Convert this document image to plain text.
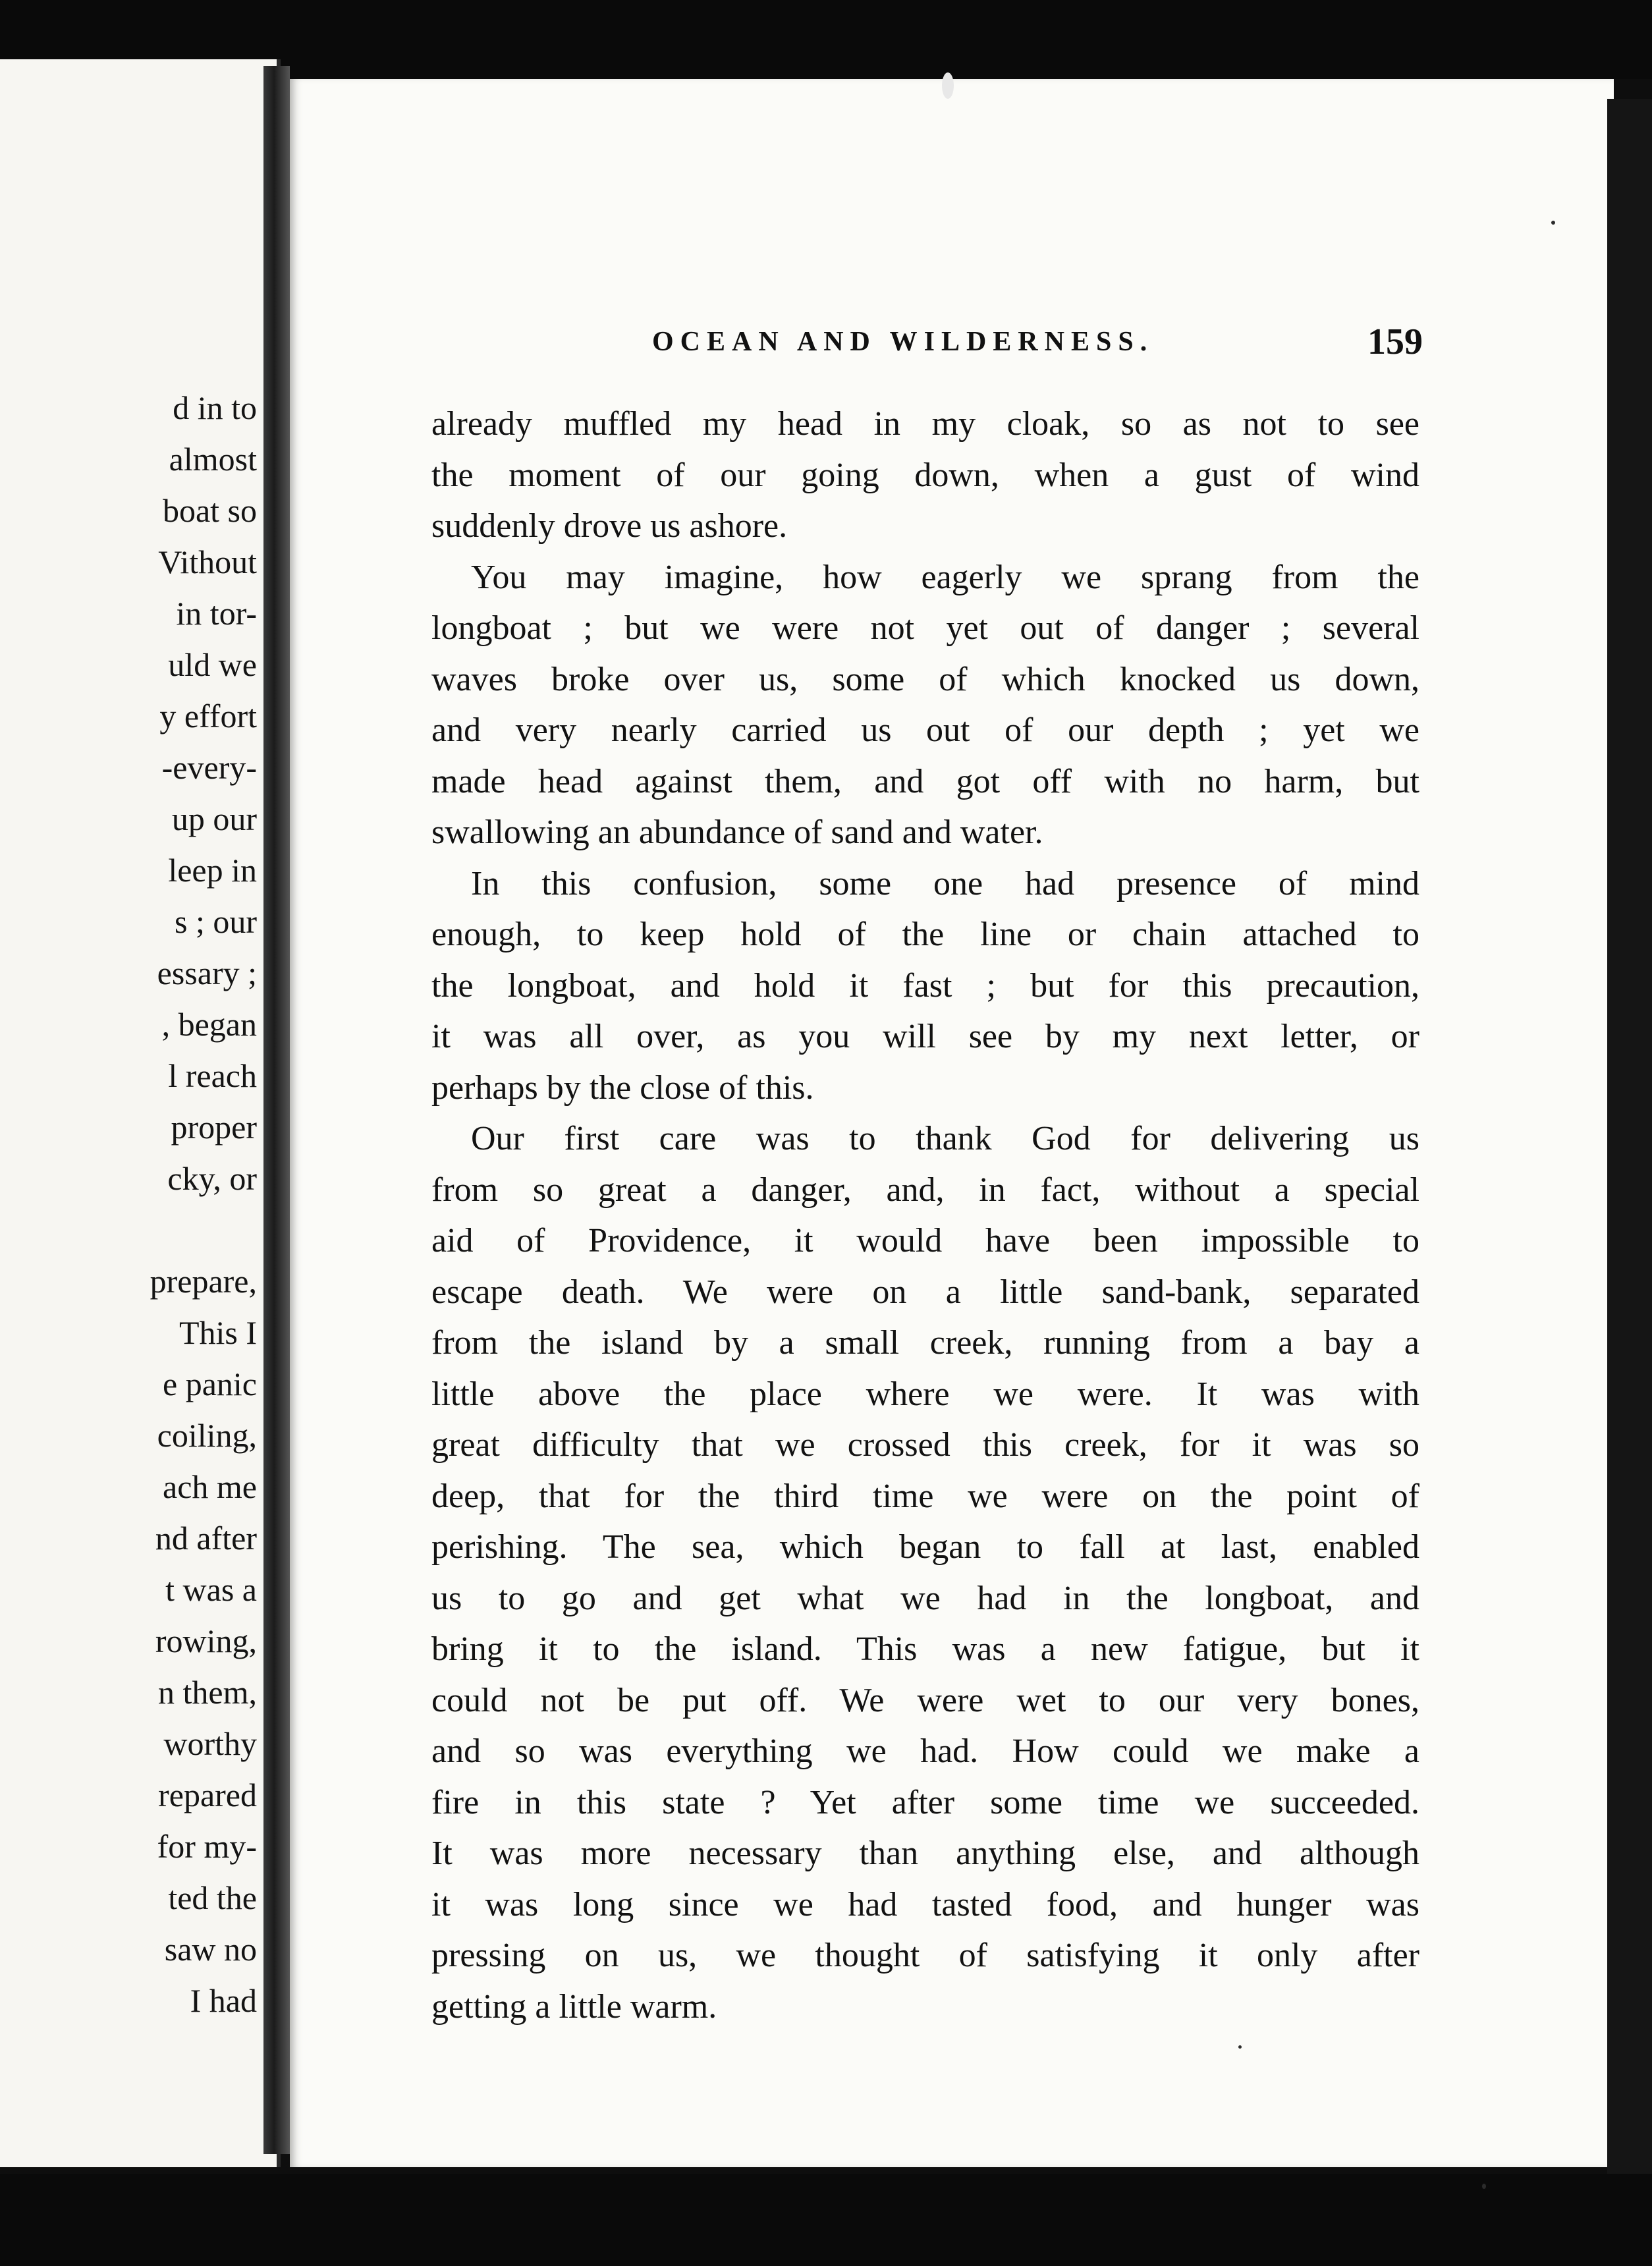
d in to
almost
boat so
Vithout
in tor-
uld we
y effort
-every-
up our
leep in
s ; our
essary ;
, began
l reach
proper
cky, or
prepare,
This I
e panic
coiling,
ach me
nd after
t was a
rowing,
n them,
worthy
repared
for my-
ted the
saw no
I had
OCEAN AND WILDERNESS.	159
already muffled my head in my cloak, so as not to see
the moment of our going down, when a gust of wind
suddenly drove us ashore.
You may imagine, how eagerly we sprang from the
longboat ; but we were not yet out of danger ; several
waves broke over us, some of which knocked us down,
and very nearly carried us out of our depth ; yet we
made head against them, and got off with no harm, but
swallowing an abundance of sand and water.
In this confusion, some one had presence of mind
enough, to keep hold of the line or chain attached to
the longboat, and hold it fast ; but for this precaution,
it was all over, as you will see by my next letter, or
perhaps by the close of this.
Our first care was to thank God for delivering us
from so great a danger, and, in fact, without a special
aid of Providence, it would have been impossible to
escape death. We were on a little sand-bank, separated
from the island by a small creek, running from a bay a
little above the place where we were. It was with
great difficulty that we crossed this creek, for it was so
deep, that for the third time we were on the point of
perishing. The sea, which began to fall at last, enabled
us to go and get what we had in the longboat, and
bring it to the island. This was a new fatigue, but it
could not be put off. We were wet to our very bones,
and so was everything we had. How could we make a
fire in this state ? Yet after some time we succeeded.
It was more necessary than anything else, and although
it was long since we had tasted food, and hunger was
pressing on us, we thought of satisfying it only after
getting a little warm.
